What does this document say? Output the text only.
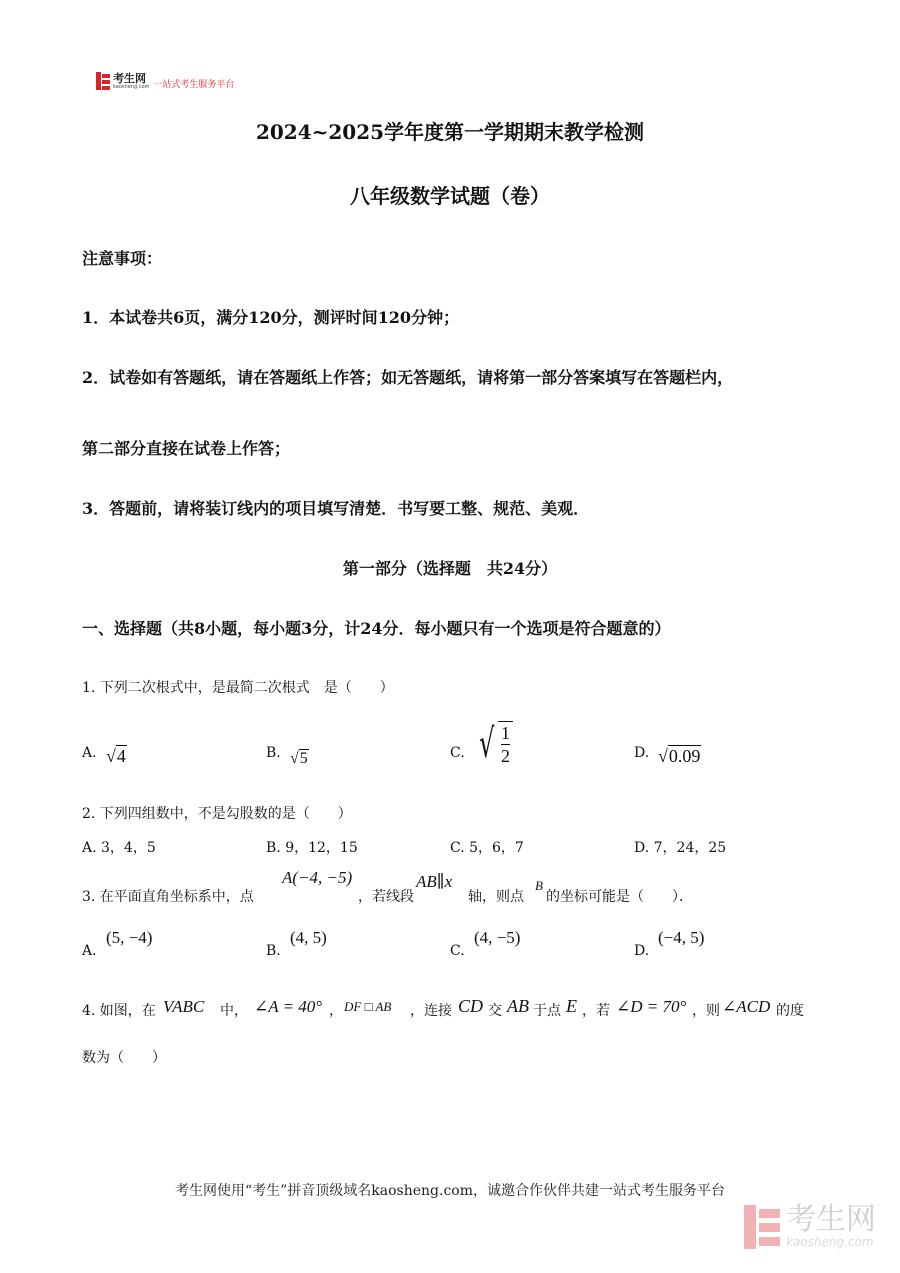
考生网
kaosheng.com 一站式考生服务平台
2024~2025学年度第一学期期末教学检测
八年级数学试题（卷）
注意事项：
1．本试卷共6页，满分120分，测评时间120分钟；
2．试卷如有答题纸，请在答题纸上作答；如无答题纸，请将第一部分答案填写在答题栏内，
第二部分直接在试卷上作答；
3．答题前，请将装订线内的项目填写清楚．书写要工整、规范、美观．
第一部分（选择题　共24分）
一、选择题（共8小题，每小题3分，计24分．每小题只有一个选项是符合题意的）
1. 下列二次根式中，是最简二次根式　是（　　）
A. √4	B. √5	C. √ $\frac{1}{2}$	D. √0.09
2. 下列四组数中，不是勾股数的是（　　）
A. 3，4，5	B. 9，12，15	C. 5，6，7	D. 7，24，25
3. 在平面直角坐标系中，点
A(−4, −5)
，若线段
AB∥x
轴，则点
B
的坐标可能是（　　）．
A.
(5, −4)
B.
(4, 5)
C.
(4, −5)
D.
(−4, 5)
4. 如图，在 VABC 中， ∠A = 40° ， DF □ AB ，连接 CD 交 AB 于点 E ，若 ∠D = 70° ，则 ∠ACD 的度
数为（　　）
考生网使用“考生”拼音顶级域名kaosheng.com，诚邀合作伙伴共建一站式考生服务平台
考生网
kaosheng.com
